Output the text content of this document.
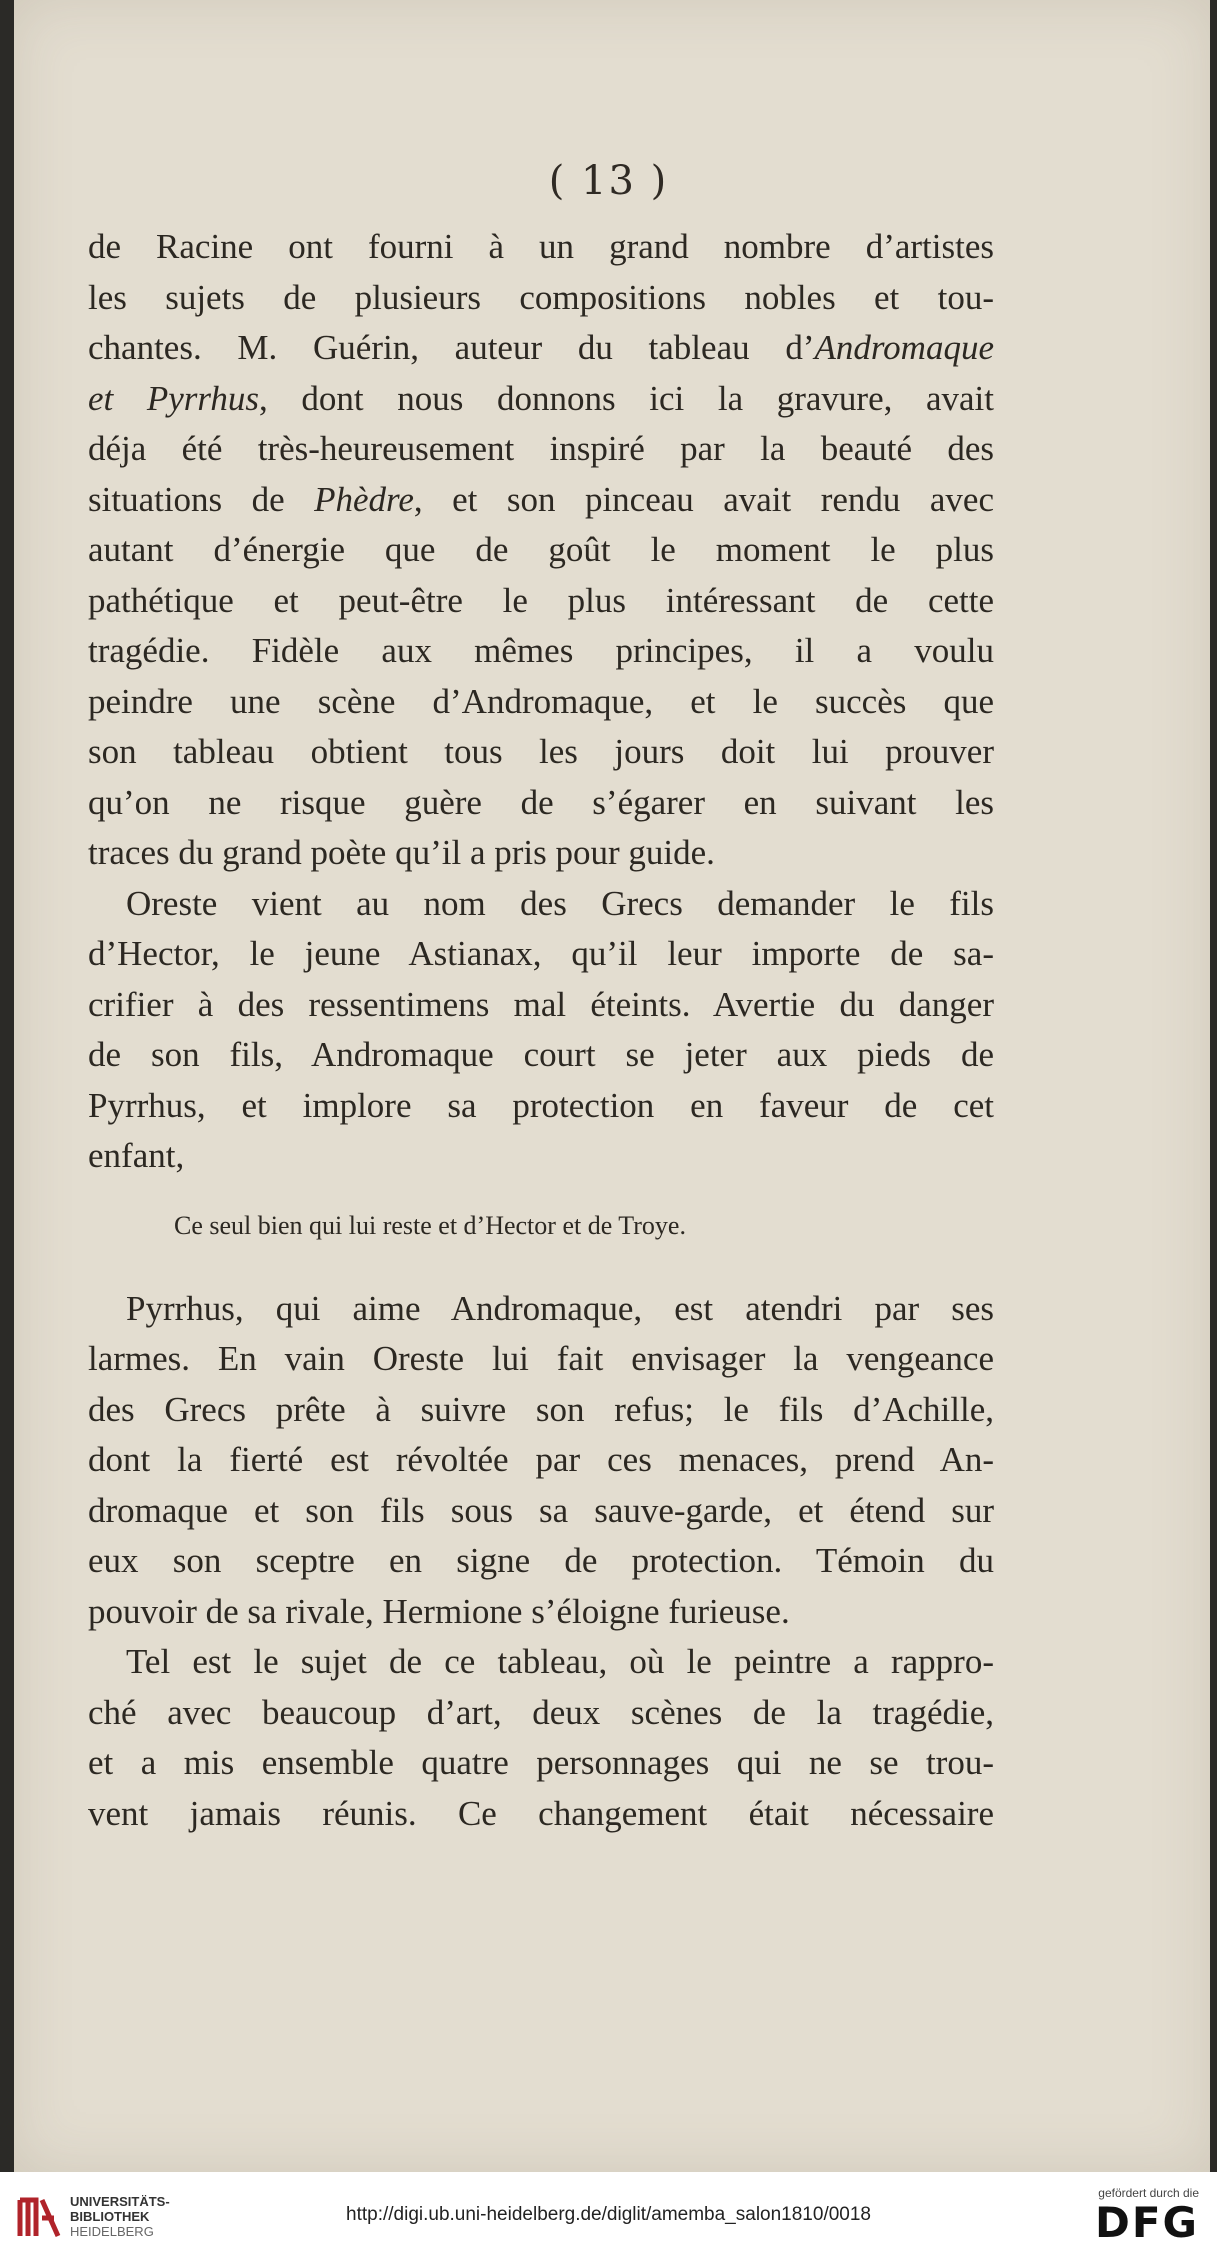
( 13 )
de Racine ont fourni à un grand nombre d’artistes
les sujets de plusieurs compositions nobles et tou-
chantes. M. Guérin, auteur du tableau d’Andromaque
et Pyrrhus, dont nous donnons ici la gravure, avait
déja été très-heureusement inspiré par la beauté des
situations de Phèdre, et son pinceau avait rendu avec
autant d’énergie que de goût le moment le plus
pathétique et peut-être le plus intéressant de cette
tragédie. Fidèle aux mêmes principes, il a voulu
peindre une scène d’Andromaque, et le succès que
son tableau obtient tous les jours doit lui prouver
qu’on ne risque guère de s’égarer en suivant les
traces du grand poète qu’il a pris pour guide.
Oreste vient au nom des Grecs demander le fils
d’Hector, le jeune Astianax, qu’il leur importe de sa-
crifier à des ressentimens mal éteints. Avertie du danger
de son fils, Andromaque court se jeter aux pieds de
Pyrrhus, et implore sa protection en faveur de cet
enfant,
Ce seul bien qui lui reste et d’Hector et de Troye.
Pyrrhus, qui aime Andromaque, est atendri par ses
larmes. En vain Oreste lui fait envisager la vengeance
des Grecs prête à suivre son refus; le fils d’Achille,
dont la fierté est révoltée par ces menaces, prend An-
dromaque et son fils sous sa sauve-garde, et étend sur
eux son sceptre en signe de protection. Témoin du
pouvoir de sa rivale, Hermione s’éloigne furieuse.
Tel est le sujet de ce tableau, où le peintre a rappro-
ché avec beaucoup d’art, deux scènes de la tragédie,
et a mis ensemble quatre personnages qui ne se trou-
vent jamais réunis. Ce changement était nécessaire
UNIVERSITÄTS-
BIBLIOTHEK
HEIDELBERG
http://digi.ub.uni-heidelberg.de/diglit/amemba_salon1810/0018
gefördert durch die
DFG
